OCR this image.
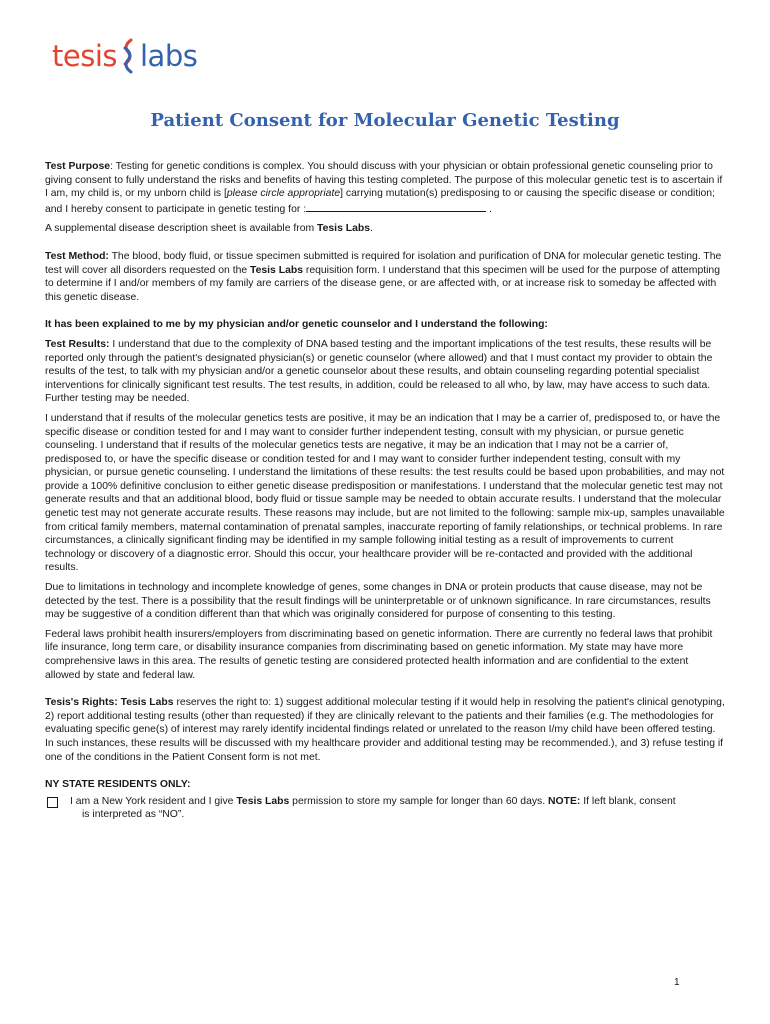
tesis labs
Patient Consent for Molecular Genetic Testing

Test Purpose: Testing for genetic conditions is complex. You should discuss with your physician or obtain professional genetic counseling prior to giving consent to fully understand the risks and benefits of having this testing completed. The purpose of this molecular genetic test is to ascertain if I am, my child is, or my unborn child is [please circle appropriate] carrying mutation(s) predisposing to or causing the specific disease or condition; and I hereby consent to participate in genetic testing for :	.

A supplemental disease description sheet is available from Tesis Labs.

Test Method: The blood, body fluid, or tissue specimen submitted is required for isolation and purification of DNA for molecular genetic testing. The test will cover all disorders requested on the Tesis Labs requisition form. I understand that this specimen will be used for the purpose of attempting to determine if I and/or members of my family are carriers of the disease gene, or are affected with, or at increase risk to someday be affected with this genetic disease.

It has been explained to me by my physician and/or genetic counselor and I understand the following:

Test Results: I understand that due to the complexity of DNA based testing and the important implications of the test results, these results will be reported only through the patient's designated physician(s) or genetic counselor (where allowed) and that I must contact my provider to obtain the results of the test, to talk with my physician and/or a genetic counselor about these results, and obtain counseling regarding potential specialist interventions for clinically significant test results. The test results, in addition, could be released to all who, by law, may have access to such data. Further testing may be needed.

I understand that if results of the molecular genetics tests are positive, it may be an indication that I may be a carrier of, predisposed to, or have the specific disease or condition tested for and I may want to consider further independent testing, consult with my physician, or pursue genetic counseling. I understand that if results of the molecular genetics tests are negative, it may be an indication that I may not be a carrier of, predisposed to, or have the specific disease or condition tested for and I may want to consider further independent testing, consult with my physician, or pursue genetic counseling. I understand the limitations of these results: the test results could be based upon probabilities, and may not provide a 100% definitive conclusion to either genetic disease predisposition or manifestations. I understand that the molecular genetic test may not generate results and that an additional blood, body fluid or tissue sample may be needed to obtain accurate results. I understand that the molecular genetic test may not generate accurate results. These reasons may include, but are not limited to the following: sample mix-up, samples unavailable from critical family members, maternal contamination of prenatal samples, inaccurate reporting of family relationships, or technical problems. In rare circumstances, a clinically significant finding may be identified in my sample following initial testing as a result of improvements to current technology or discovery of a diagnostic error. Should this occur, your healthcare provider will be re-contacted and provided with the additional results.

Due to limitations in technology and incomplete knowledge of genes, some changes in DNA or protein products that cause disease, may not be detected by the test. There is a possibility that the result findings will be uninterpretable or of unknown significance. In rare circumstances, results may be suggestive of a condition different than that which was originally considered for purpose of consenting to this testing.

Federal laws prohibit health insurers/employers from discriminating based on genetic information. There are currently no federal laws that prohibit life insurance, long term care, or disability insurance companies from discriminating based on genetic information. My state may have more comprehensive laws in this area. The results of genetic testing are considered protected health information and are confidential to the extent allowed by state and federal law.

Tesis's Rights: Tesis Labs reserves the right to: 1) suggest additional molecular testing if it would help in resolving the patient's clinical genotyping, 2) report additional testing results (other than requested) if they are clinically relevant to the patients and their families (e.g. The methodologies for evaluating specific gene(s) of interest may rarely identify incidental findings related or unrelated to the reason I/my child have been offered testing. In such instances, these results will be discussed with my healthcare provider and additional testing may be recommended.), and 3) refuse testing if one of the conditions in the Patient Consent form is not met.

NY STATE RESIDENTS ONLY:

I am a New York resident and I give Tesis Labs permission to store my sample for longer than 60 days. NOTE: If left blank, consent
is interpreted as “NO”.
1
